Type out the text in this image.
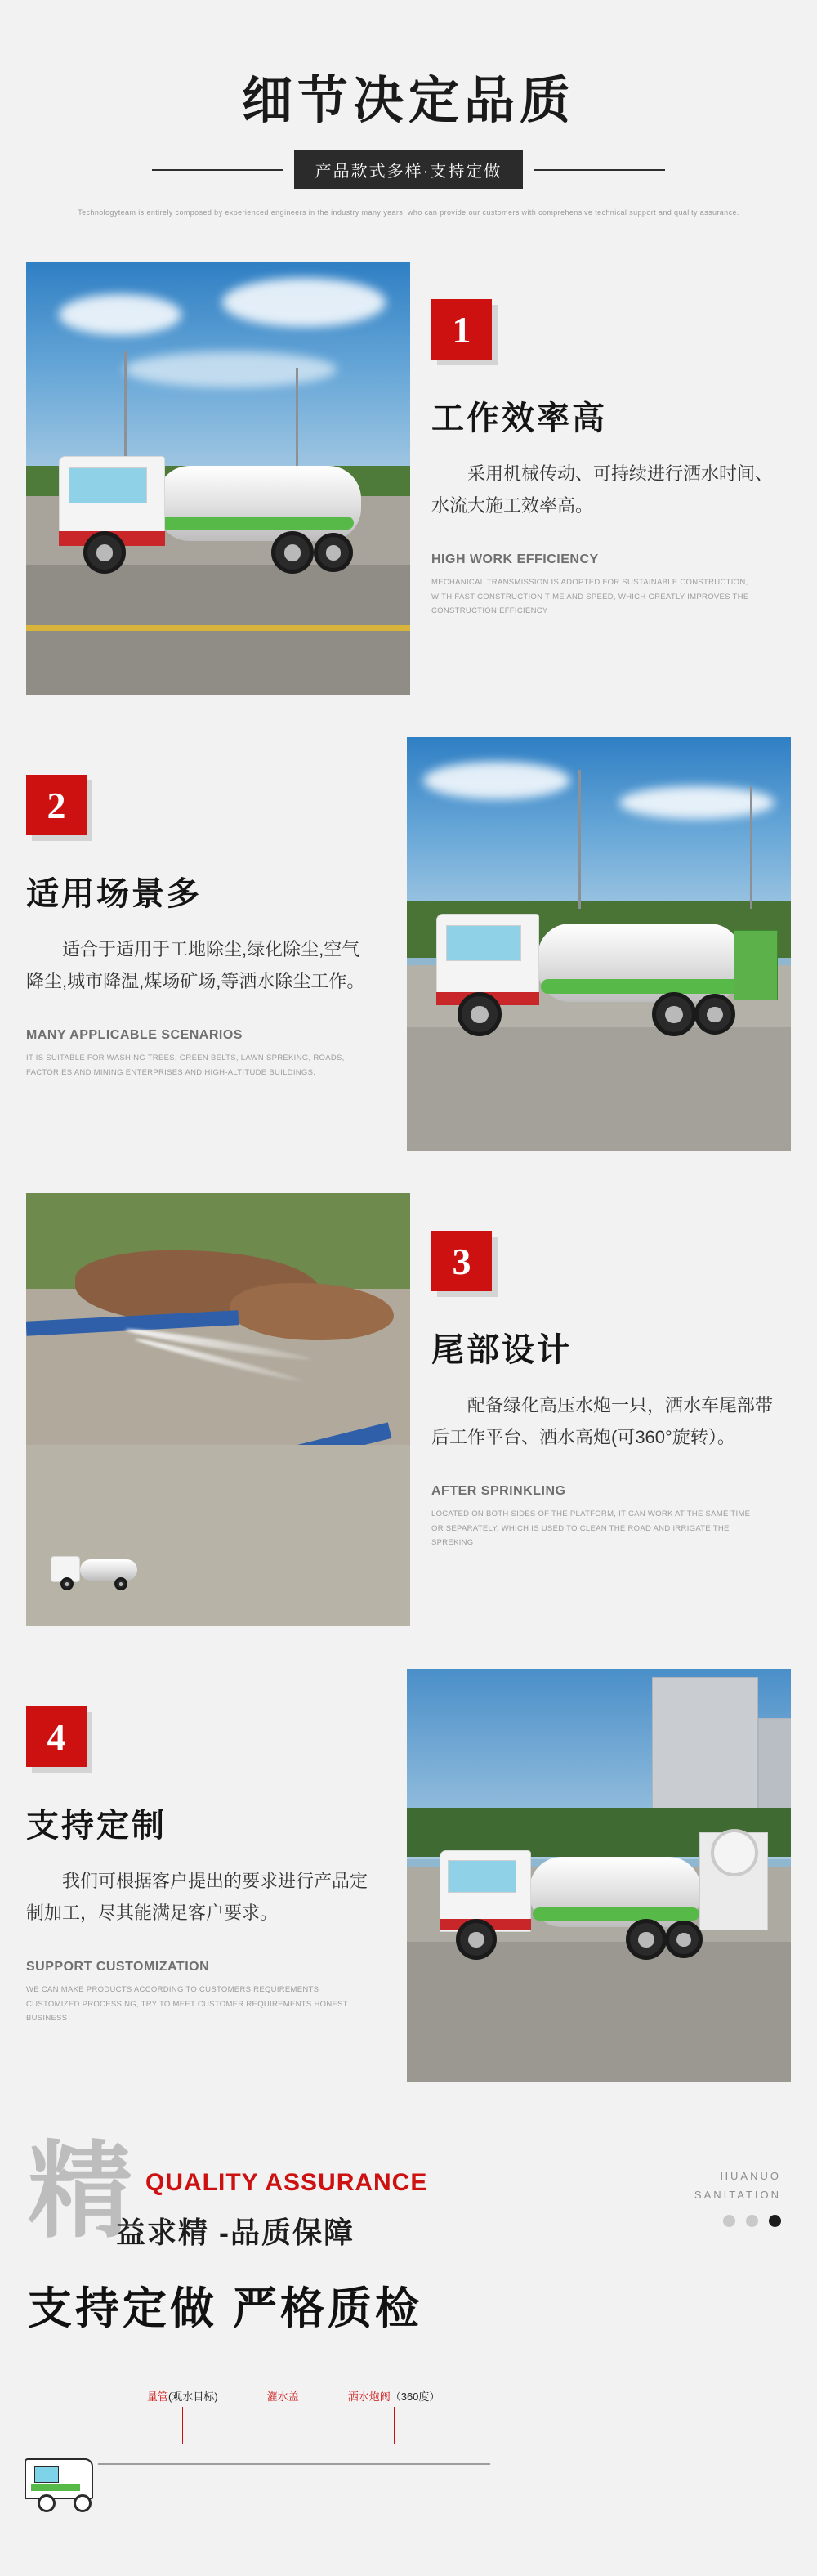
细节决定品质
产品款式多样·支持定做
Technologyteam is entirely composed by experienced engineers in the industry many years, who can provide our customers with comprehensive technical support and quality assurance.
1
工作效率高
采用机械传动、可持续进行洒水时间、水流大施工效率高。
HIGH WORK EFFICIENCY
MECHANICAL TRANSMISSION IS ADOPTED FOR SUSTAINABLE CONSTRUCTION, WITH FAST CONSTRUCTION TIME AND SPEED, WHICH GREATLY IMPROVES THE CONSTRUCTION EFFICIENCY
2
适用场景多
适合于适用于工地除尘,绿化除尘,空气降尘,城市降温,煤场矿场,等洒水除尘工作。
MANY APPLICABLE SCENARIOS
IT IS SUITABLE FOR WASHING TREES, GREEN BELTS, LAWN SPREKING, ROADS, FACTORIES AND MINING ENTERPRISES AND HIGH-ALTITUDE BUILDINGS.
3
尾部设计
配备绿化高压水炮一只，洒水车尾部带后工作平台、洒水高炮(可360°旋转）。
AFTER SPRINKLING
LOCATED ON BOTH SIDES OF THE PLATFORM, IT CAN WORK AT THE SAME TIME OR SEPARATELY, WHICH IS USED TO CLEAN THE ROAD AND IRRIGATE THE SPREKING
4
支持定制
我们可根据客户提出的要求进行产品定制加工，尽其能满足客户要求。
SUPPORT CUSTOMIZATION
WE CAN MAKE PRODUCTS ACCORDING TO CUSTOMERS REQUIREMENTS CUSTOMIZED PROCESSING, TRY TO MEET CUSTOMER REQUIREMENTS HONEST BUSINESS
精 QUALITY ASSURANCE
益求精 -品质保障
HUANUO
SANITATION
支持定做 严格质检
量管(观水目标)	灌水盖	洒水炮阀（360度）
